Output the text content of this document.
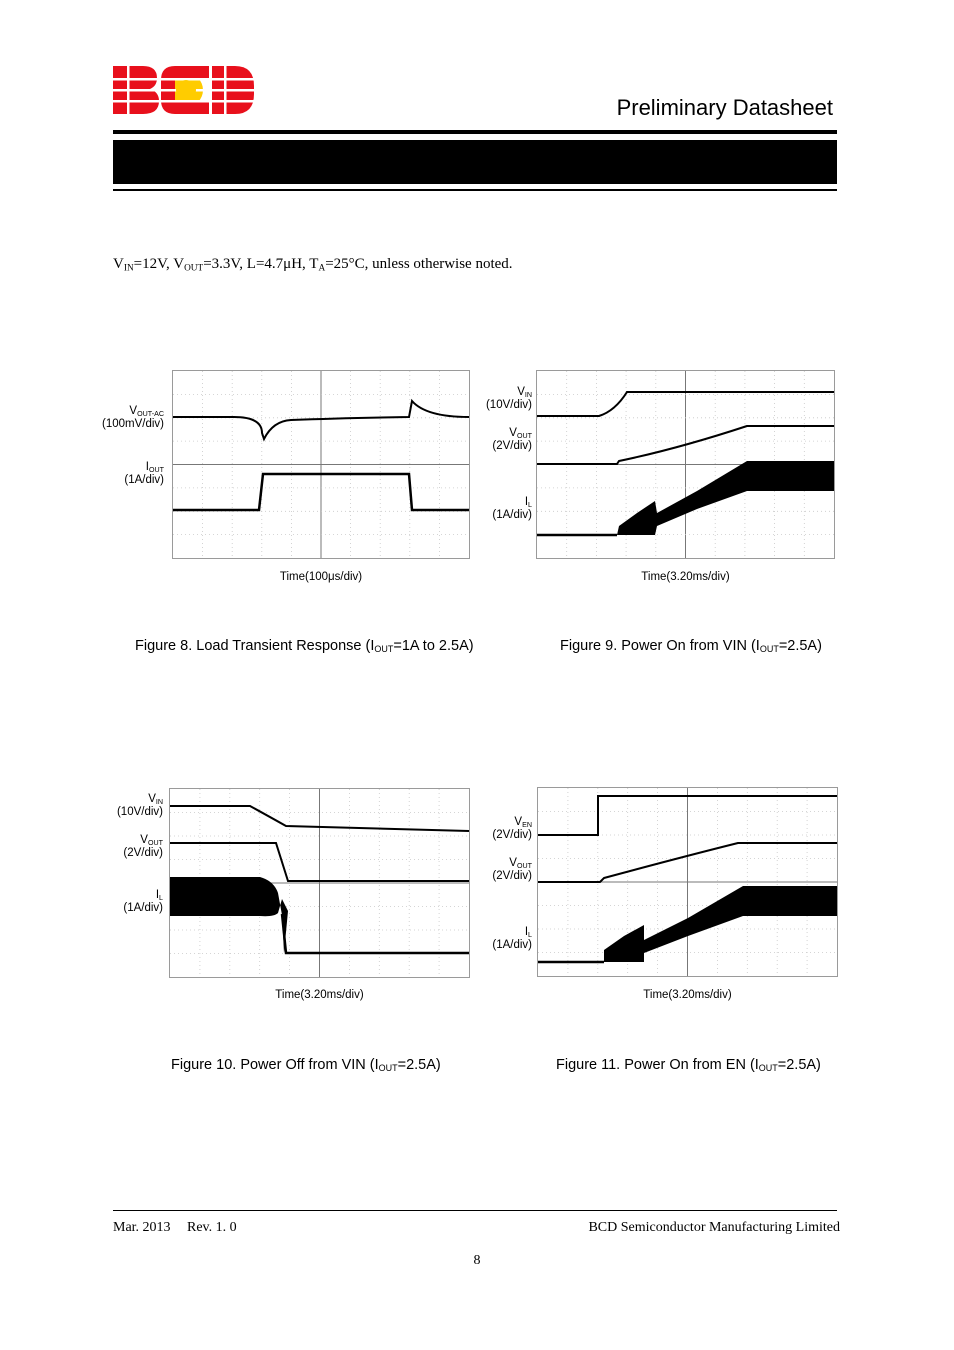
Preliminary Datasheet
$V_{IN}=12V$, $V_{OUT}=3.3V$, L=4.7μH, $T_A=25^\circ C$, unless otherwise noted.
$V_{OUT-AC}$
(100mV/div)
$I_{OUT}$
(1A/div)
Time(100μs/div)
Figure 8. Load Transient Response ($I_{OUT}=1A$ to 2.5A)
$V_{IN}$
(10V/div)
$V_{OUT}$
(2V/div)
$I_L$
(1A/div)
Time(3.20ms/div)
Figure 9. Power On from VIN $(I_{OUT}=2.5A)$
$V_{IN}$
(10V/div)
$V_{OUT}$
(2V/div)
$I_L$
(1A/div)
Time(3.20ms/div)
Figure 10. Power Off from VIN $(I_{OUT}=2.5A)$
$V_{EN}$
(2V/div)
$V_{OUT}$
(2V/div)
$I_L$
(1A/div)
Time(3.20ms/div)
Figure 11. Power On from EN $(I_{OUT}=2.5A)$
Mar. 2013 Rev. 1. 0	BCD Semiconductor Manufacturing Limited
8
